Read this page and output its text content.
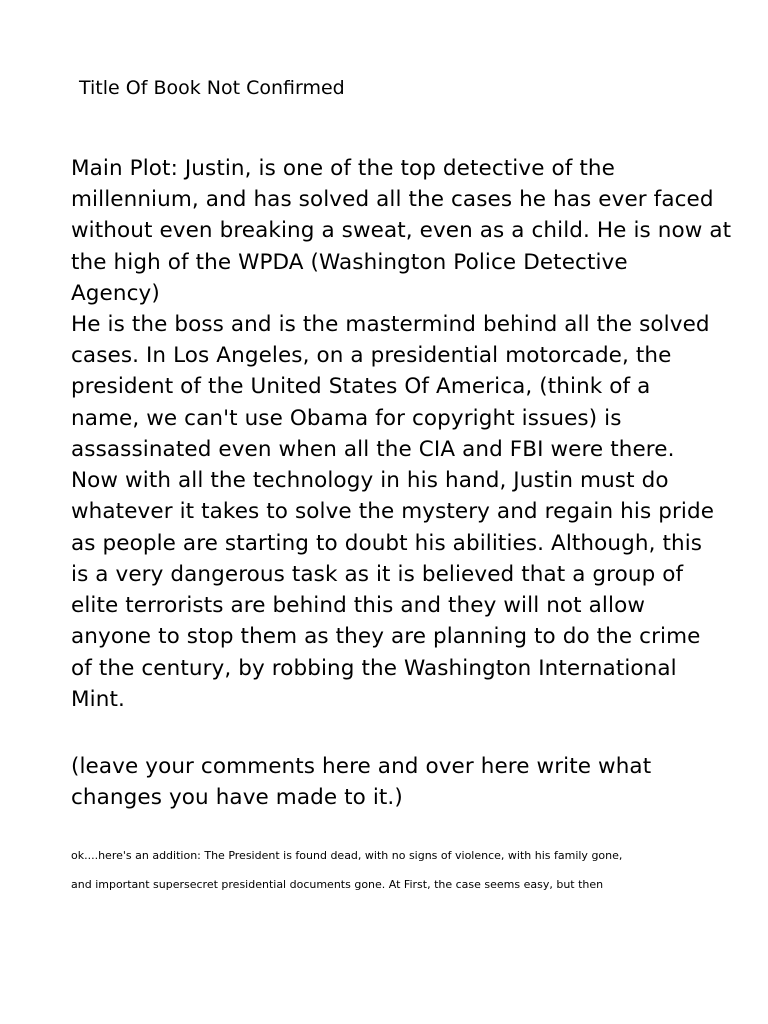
Title Of Book Not Confirmed
Main Plot: Justin, is one of the top detective of the
millennium, and has solved all the cases he has ever faced
without even breaking a sweat, even as a child. He is now at
the high of the WPDA (Washington Police Detective
Agency)
He is the boss and is the mastermind behind all the solved
cases. In Los Angeles, on a presidential motorcade, the
president of the United States Of America, (think of a
name, we can't use Obama for copyright issues) is
assassinated even when all the CIA and FBI were there.
Now with all the technology in his hand, Justin must do
whatever it takes to solve the mystery and regain his pride
as people are starting to doubt his abilities. Although, this
is a very dangerous task as it is believed that a group of
elite terrorists are behind this and they will not allow
anyone to stop them as they are planning to do the crime
of the century, by robbing the Washington International
Mint.
(leave your comments here and over here write what
changes you have made to it.)
ok....here's an addition: The President is found dead, with no signs of violence, with his family gone,
and important supersecret presidential documents gone. At First, the case seems easy, but then
